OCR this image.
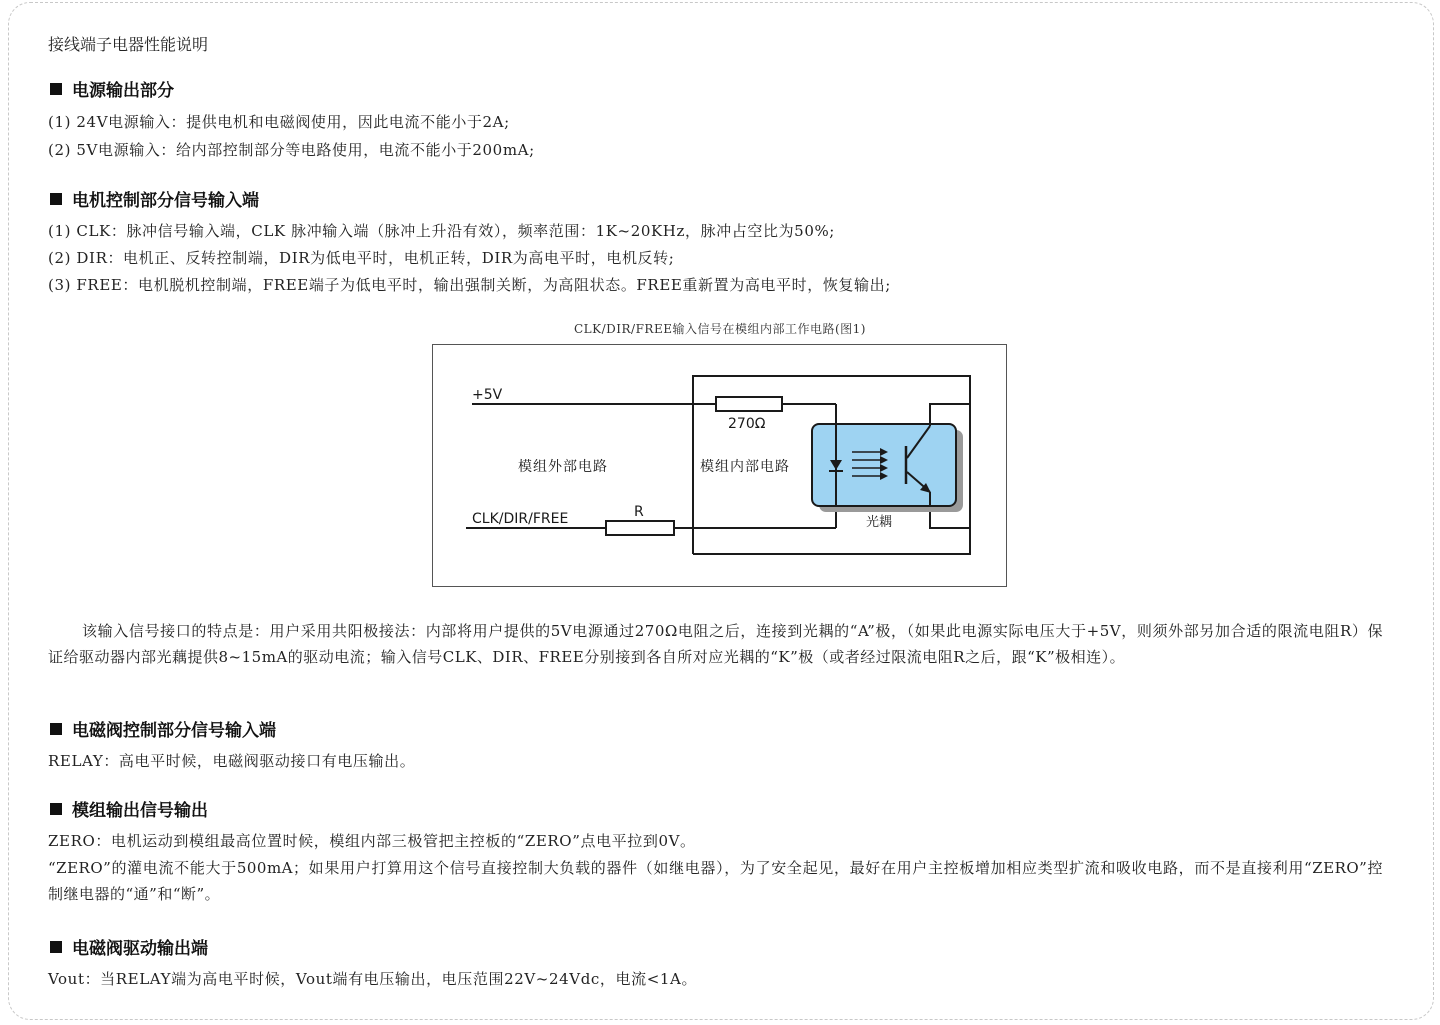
接线端子电器性能说明
电源输出部分
(1) 24V电源输入：提供电机和电磁阀使用，因此电流不能小于2A;
(2) 5V电源输入：给内部控制部分等电路使用，电流不能小于200mA;
电机控制部分信号输入端
(1) CLK：脉冲信号输入端，CLK 脉冲输入端（脉冲上升沿有效），频率范围：1K~20KHz，脉冲占空比为50%;
(2) DIR：电机正、反转控制端，DIR为低电平时，电机正转，DIR为高电平时，电机反转;
(3) FREE：电机脱机控制端，FREE端子为低电平时，输出强制关断，为高阻状态。FREE重新置为高电平时，恢复输出;
CLK/DIR/FREE输入信号在模组内部工作电路(图1)
+5V
270Ω
模组外部电路	模组内部电路
CLK/DIR/FREE	R
光耦
该输入信号接口的特点是：用户采用共阳极接法：内部将用户提供的5V电源通过270Ω电阻之后，连接到光耦的“A”极，（如果此电源实际电压大于+5V，则须外部另加合适的限流电阻R）保证给驱动器内部光藕提供8~15mA的驱动电流；输入信号CLK、DIR、FREE分别接到各自所对应光耦的“K”极（或者经过限流电阻R之后，跟“K”极相连）。
电磁阀控制部分信号输入端
RELAY：高电平时候，电磁阀驱动接口有电压输出。
模组输出信号输出
ZERO：电机运动到模组最高位置时候，模组内部三极管把主控板的“ZERO”点电平拉到0V。
“ZERO”的灌电流不能大于500mA；如果用户打算用这个信号直接控制大负载的器件（如继电器），为了安全起见，最好在用户主控板增加相应类型扩流和吸收电路，而不是直接利用“ZERO”控制继电器的“通”和“断”。
电磁阀驱动输出端
Vout：当RELAY端为高电平时候，Vout端有电压输出，电压范围22V~24Vdc，电流<1A。
